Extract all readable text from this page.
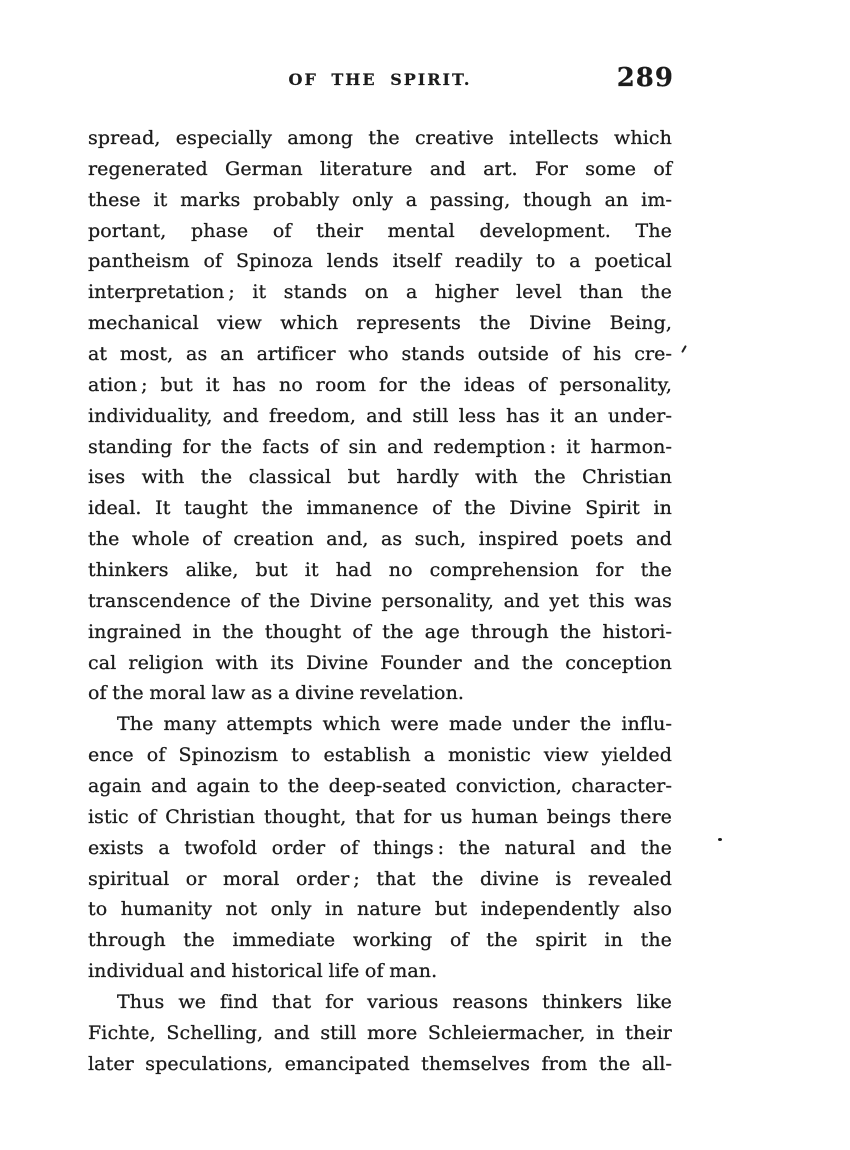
OF THE SPIRIT.	289
spread, especially among the creative intellects which
regenerated German literature and art. For some of
these it marks probably only a passing, though an im-
portant, phase of their mental development. The
pantheism of Spinoza lends itself readily to a poetical
interpretation ; it stands on a higher level than the
mechanical view which represents the Divine Being,
at most, as an artificer who stands outside of his cre-
ation ; but it has no room for the ideas of personality,
individuality, and freedom, and still less has it an under-
standing for the facts of sin and redemption : it harmon-
ises with the classical but hardly with the Christian
ideal. It taught the immanence of the Divine Spirit in
the whole of creation and, as such, inspired poets and
thinkers alike, but it had no comprehension for the
transcendence of the Divine personality, and yet this was
ingrained in the thought of the age through the histori-
cal religion with its Divine Founder and the conception
of the moral law as a divine revelation.
The many attempts which were made under the influ-
ence of Spinozism to establish a monistic view yielded
again and again to the deep-seated conviction, character-
istic of Christian thought, that for us human beings there
exists a twofold order of things : the natural and the
spiritual or moral order ; that the divine is revealed
to humanity not only in nature but independently also
through the immediate working of the spirit in the
individual and historical life of man.
Thus we find that for various reasons thinkers like
Fichte, Schelling, and still more Schleiermacher, in their
later speculations, emancipated themselves from the all-
